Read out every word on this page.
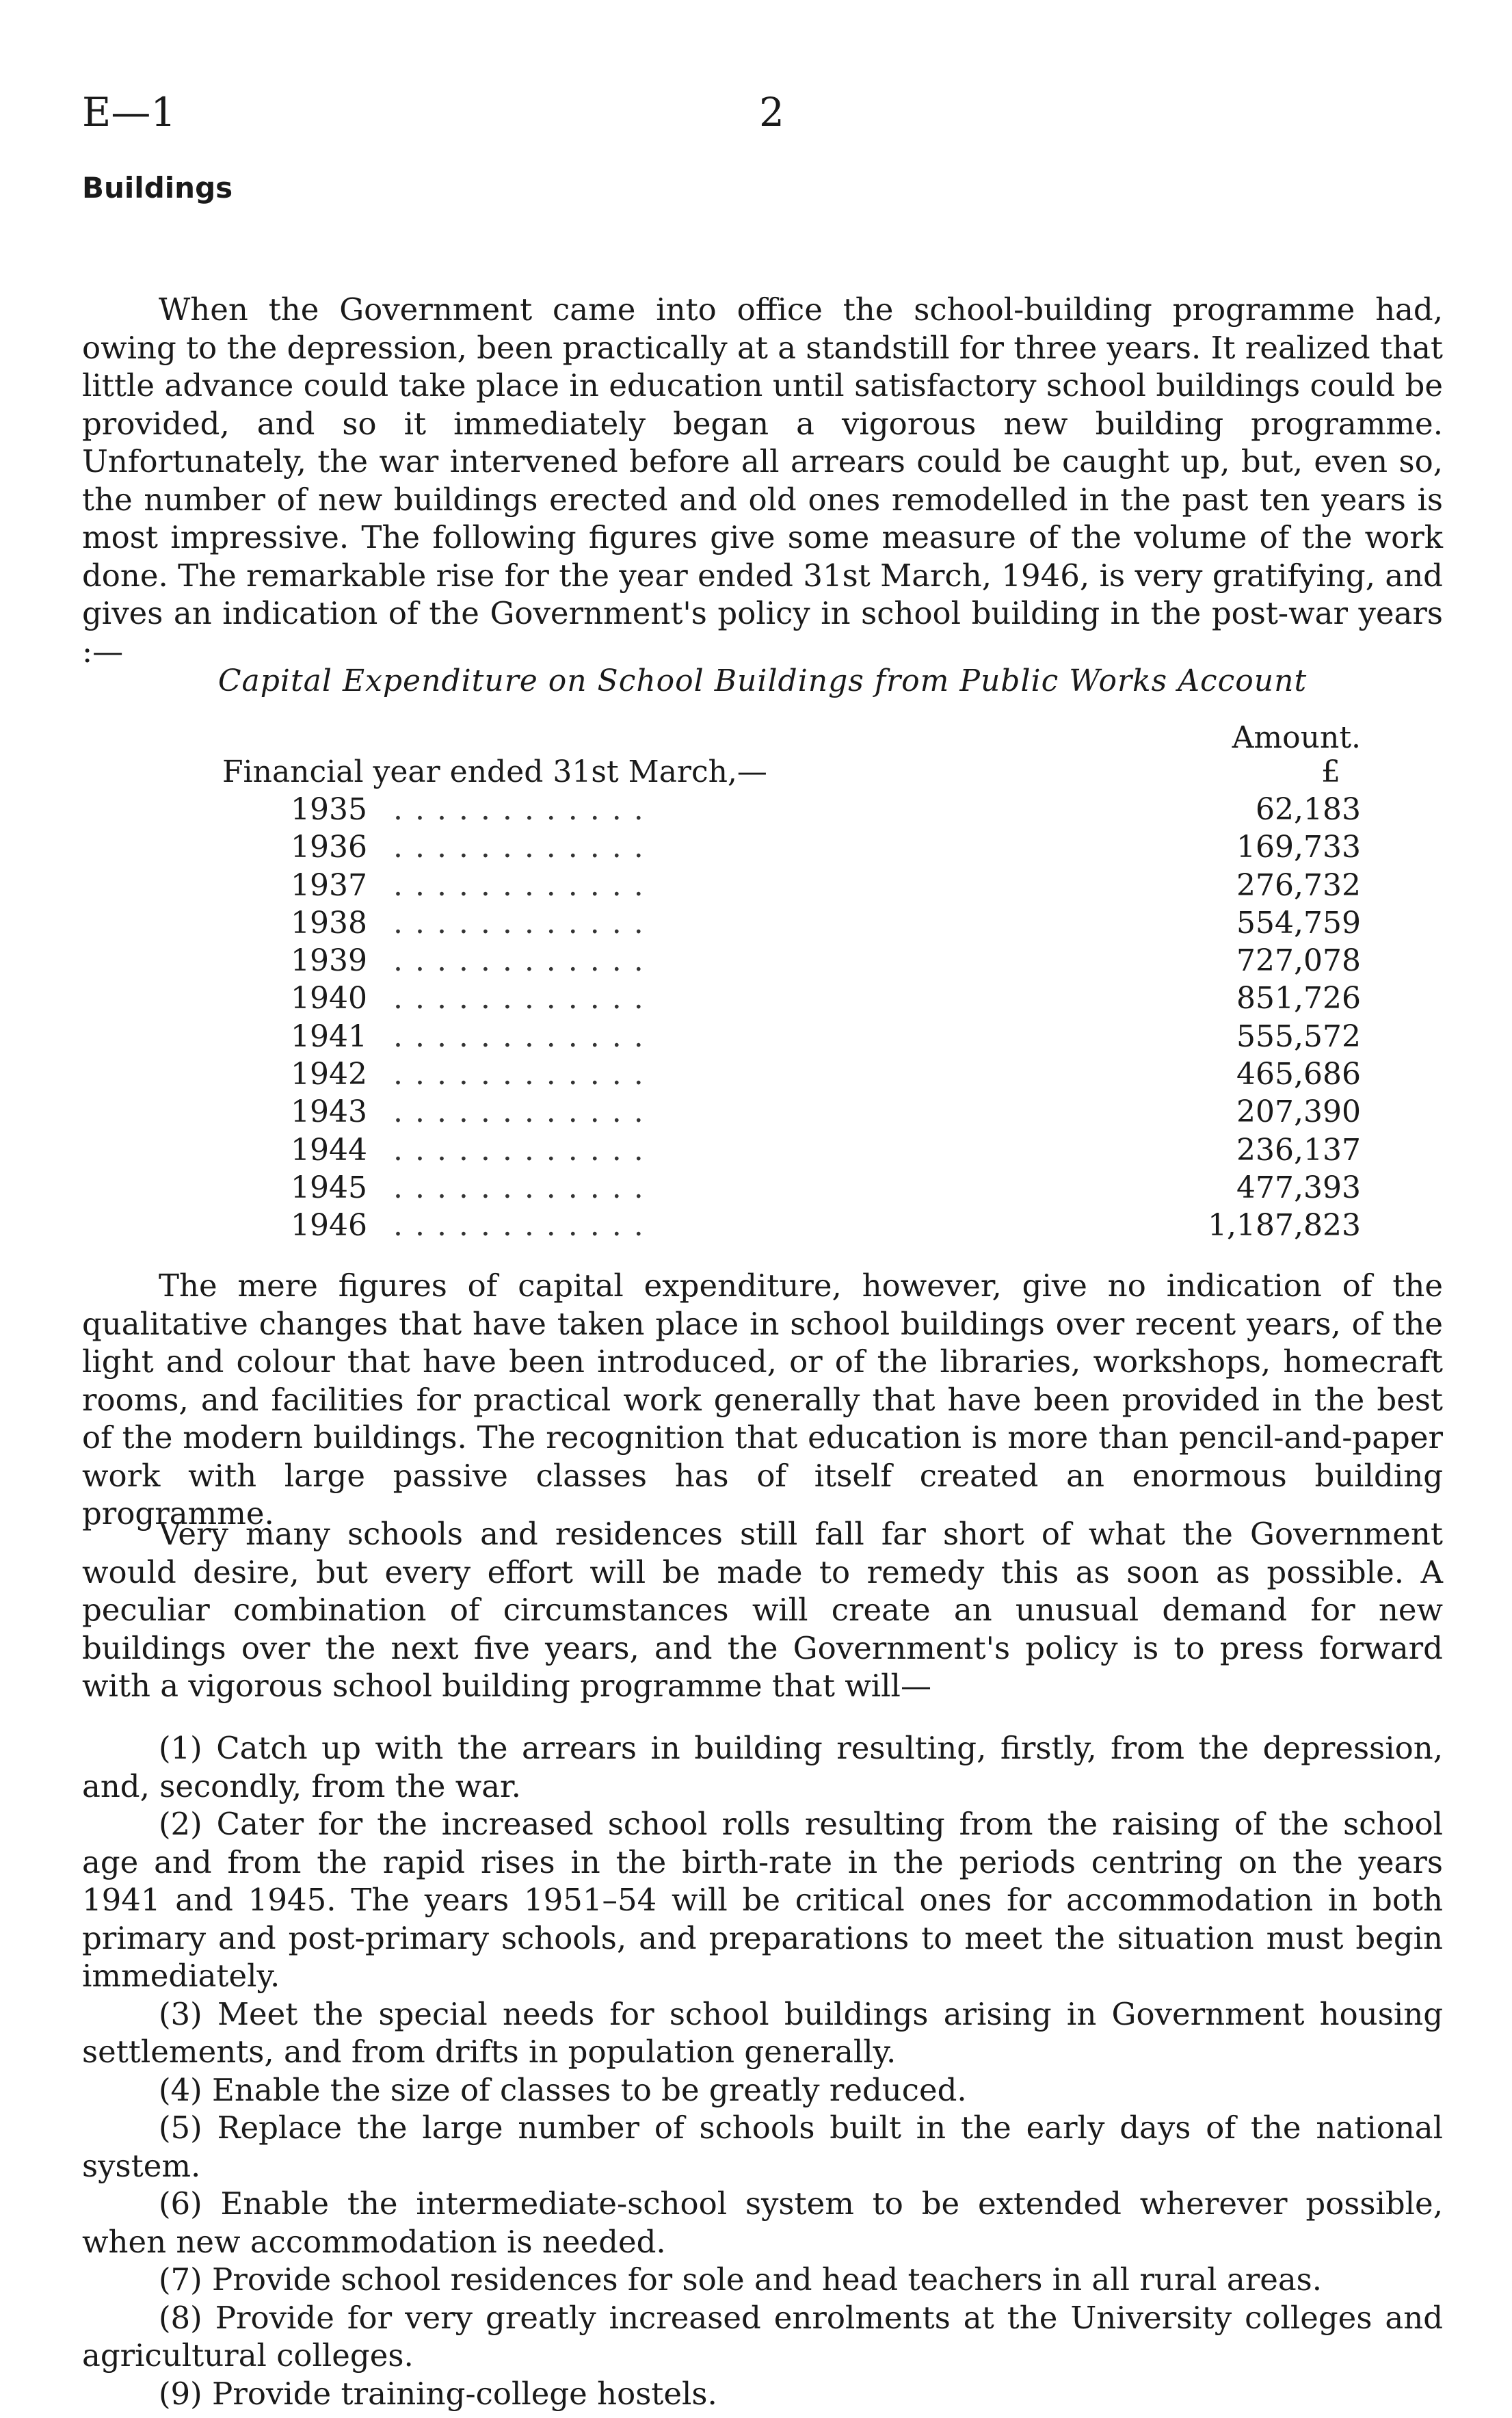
E—1	2
Buildings

When the Government came into office the school-building programme had, owing to the depression, been practically at a standstill for three years. It realized that little advance could take place in education until satisfactory school buildings could be provided, and so it immediately began a vigorous new building programme. Unfortunately, the war intervened before all arrears could be caught up, but, even so, the number of new buildings erected and old ones remodelled in the past ten years is most impressive. The following figures give some measure of the volume of the work done. The remarkable rise for the year ended 31st March, 1946, is very gratifying, and gives an indication of the Government's policy in school building in the post-war years :—

Capital Expenditure on School Buildings from Public Works Account
Amount.
Financial year ended 31st March,—	£
1935 . . . . . . . . . . . .	62,183
1936 . . . . . . . . . . . .	169,733
1937 . . . . . . . . . . . .	276,732
1938 . . . . . . . . . . . .	554,759
1939 . . . . . . . . . . . .	727,078
1940 . . . . . . . . . . . .	851,726
1941 . . . . . . . . . . . .	555,572
1942 . . . . . . . . . . . .	465,686
1943 . . . . . . . . . . . .	207,390
1944 . . . . . . . . . . . .	236,137
1945 . . . . . . . . . . . .	477,393
1946 . . . . . . . . . . . .	1,187,823

The mere figures of capital expenditure, however, give no indication of the qualitative changes that have taken place in school buildings over recent years, of the light and colour that have been introduced, or of the libraries, workshops, homecraft rooms, and facilities for practical work generally that have been provided in the best of the modern buildings. The recognition that education is more than pencil-and-paper work with large passive classes has of itself created an enormous building programme.

Very many schools and residences still fall far short of what the Government would desire, but every effort will be made to remedy this as soon as possible. A peculiar combination of circumstances will create an unusual demand for new buildings over the next five years, and the Government's policy is to press forward with a vigorous school building programme that will—

(1) Catch up with the arrears in building resulting, firstly, from the depression, and, secondly, from the war.

(2) Cater for the increased school rolls resulting from the raising of the school age and from the rapid rises in the birth-rate in the periods centring on the years 1941 and 1945. The years 1951–54 will be critical ones for accommodation in both primary and post-primary schools, and preparations to meet the situation must begin immediately.

(3) Meet the special needs for school buildings arising in Government housing settlements, and from drifts in population generally.

(4) Enable the size of classes to be greatly reduced.

(5) Replace the large number of schools built in the early days of the national system.

(6) Enable the intermediate-school system to be extended wherever possible, when new accommodation is needed.

(7) Provide school residences for sole and head teachers in all rural areas.

(8) Provide for very greatly increased enrolments at the University colleges and agricultural colleges.

(9) Provide training-college hostels.
